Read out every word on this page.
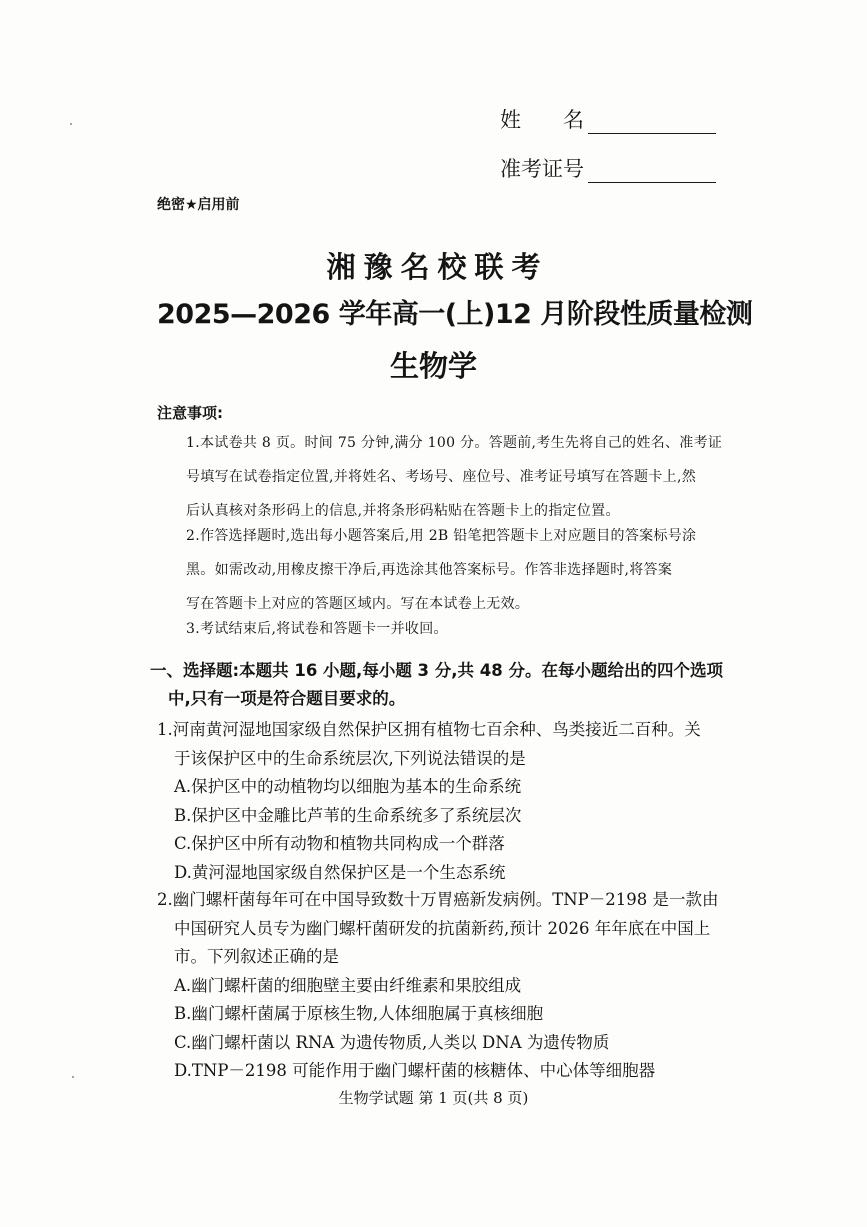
姓　　名
准考证号
绝密★启用前
湘豫名校联考
2025—2026 学年高一(上)12 月阶段性质量检测
生物学
注意事项:
1.本试卷共 8 页。时间 75 分钟,满分 100 分。答题前,考生先将自己的姓名、准考证
号填写在试卷指定位置,并将姓名、考场号、座位号、准考证号填写在答题卡上,然
后认真核对条形码上的信息,并将条形码粘贴在答题卡上的指定位置。
2.作答选择题时,选出每小题答案后,用 2B 铅笔把答题卡上对应题目的答案标号涂
黑。如需改动,用橡皮擦干净后,再选涂其他答案标号。作答非选择题时,将答案
写在答题卡上对应的答题区域内。写在本试卷上无效。
3.考试结束后,将试卷和答题卡一并收回。
一、选择题:本题共 16 小题,每小题 3 分,共 48 分。在每小题给出的四个选项
中,只有一项是符合题目要求的。
1.河南黄河湿地国家级自然保护区拥有植物七百余种、鸟类接近二百种。关
于该保护区中的生命系统层次,下列说法错误的是
A.保护区中的动植物均以细胞为基本的生命系统
B.保护区中金雕比芦苇的生命系统多了系统层次
C.保护区中所有动物和植物共同构成一个群落
D.黄河湿地国家级自然保护区是一个生态系统
2.幽门螺杆菌每年可在中国导致数十万胃癌新发病例。TNP－2198 是一款由
中国研究人员专为幽门螺杆菌研发的抗菌新药,预计 2026 年年底在中国上
市。下列叙述正确的是
A.幽门螺杆菌的细胞壁主要由纤维素和果胶组成
B.幽门螺杆菌属于原核生物,人体细胞属于真核细胞
C.幽门螺杆菌以 RNA 为遗传物质,人类以 DNA 为遗传物质
D.TNP－2198 可能作用于幽门螺杆菌的核糖体、中心体等细胞器
生物学试题 第 1 页(共 8 页)
